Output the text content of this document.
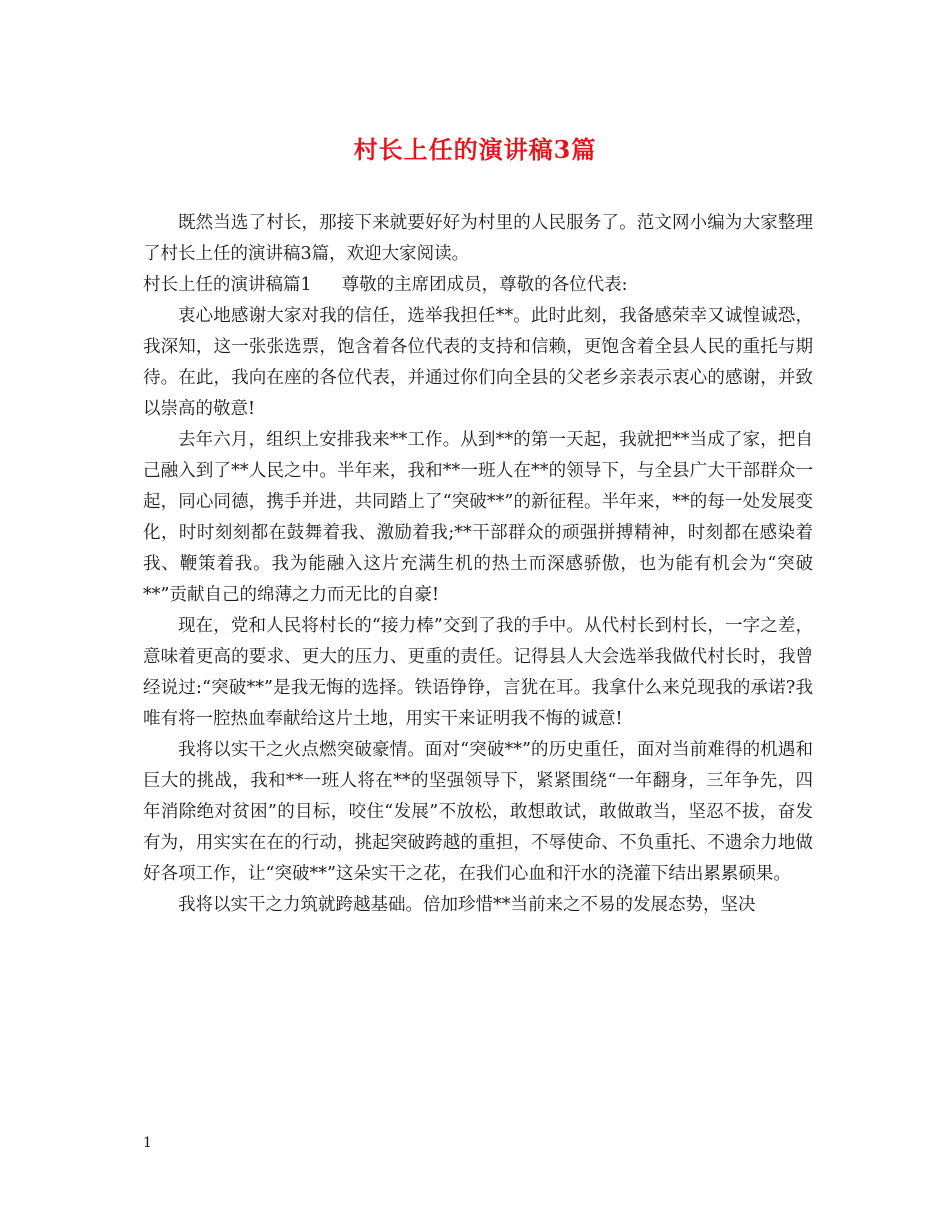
村长上任的演讲稿3篇

既然当选了村长，那接下来就要好好为村里的人民服务了。范文网小编为大家整理了村长上任的演讲稿3篇，欢迎大家阅读。

村长上任的演讲稿篇1 尊敬的主席团成员，尊敬的各位代表:

衷心地感谢大家对我的信任，选举我担任**。此时此刻，我备感荣幸又诚惶诚恐，我深知，这一张张选票，饱含着各位代表的支持和信赖，更饱含着全县人民的重托与期待。在此，我向在座的各位代表，并通过你们向全县的父老乡亲表示衷心的感谢，并致以崇高的敬意!

去年六月，组织上安排我来**工作。从到**的第一天起，我就把**当成了家，把自己融入到了**人民之中。半年来，我和**一班人在**的领导下，与全县广大干部群众一起，同心同德，携手并进，共同踏上了“突破**”的新征程。半年来，**的每一处发展变化，时时刻刻都在鼓舞着我、激励着我;**干部群众的顽强拼搏精神，时刻都在感染着我、鞭策着我。我为能融入这片充满生机的热土而深感骄傲，也为能有机会为“突破**”贡献自己的绵薄之力而无比的自豪!

现在，党和人民将村长的“接力棒”交到了我的手中。从代村长到村长，一字之差，意味着更高的要求、更大的压力、更重的责任。记得县人大会选举我做代村长时，我曾经说过:“突破**”是我无悔的选择。铁语铮铮，言犹在耳。我拿什么来兑现我的承诺?我唯有将一腔热血奉献给这片土地，用实干来证明我不悔的诚意!

我将以实干之火点燃突破豪情。面对“突破**”的历史重任，面对当前难得的机遇和巨大的挑战，我和**一班人将在**的坚强领导下，紧紧围绕“一年翻身，三年争先，四年消除绝对贫困”的目标，咬住“发展”不放松，敢想敢试，敢做敢当，坚忍不拔，奋发有为，用实实在在的行动，挑起突破跨越的重担，不辱使命、不负重托、不遗余力地做好各项工作，让“突破**”这朵实干之花，在我们心血和汗水的浇灌下结出累累硕果。

我将以实干之力筑就跨越基础。倍加珍惜**当前来之不易的发展态势，坚决

1
